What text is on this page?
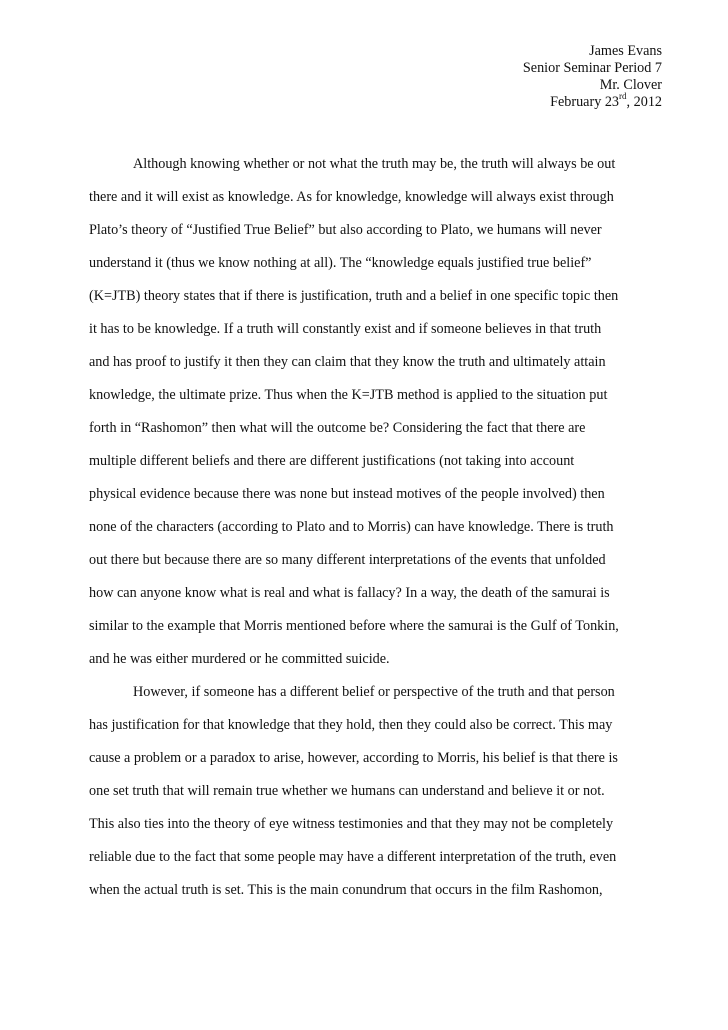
James Evans
Senior Seminar Period 7
Mr. Clover
February 23rd, 2012
Although knowing whether or not what the truth may be, the truth will always be out
there and it will exist as knowledge. As for knowledge, knowledge will always exist through
Plato’s theory of “Justified True Belief” but also according to Plato, we humans will never
understand it (thus we know nothing at all). The “knowledge equals justified true belief”
(K=JTB) theory states that if there is justification, truth and a belief in one specific topic then
it has to be knowledge. If a truth will constantly exist and if someone believes in that truth
and has proof to justify it then they can claim that they know the truth and ultimately attain
knowledge, the ultimate prize. Thus when the K=JTB method is applied to the situation put
forth in “Rashomon” then what will the outcome be? Considering the fact that there are
multiple different beliefs and there are different justifications (not taking into account
physical evidence because there was none but instead motives of the people involved) then
none of the characters (according to Plato and to Morris) can have knowledge. There is truth
out there but because there are so many different interpretations of the events that unfolded
how can anyone know what is real and what is fallacy? In a way, the death of the samurai is
similar to the example that Morris mentioned before where the samurai is the Gulf of Tonkin,
and he was either murdered or he committed suicide.
However, if someone has a different belief or perspective of the truth and that person
has justification for that knowledge that they hold, then they could also be correct. This may
cause a problem or a paradox to arise, however, according to Morris, his belief is that there is
one set truth that will remain true whether we humans can understand and believe it or not.
This also ties into the theory of eye witness testimonies and that they may not be completely
reliable due to the fact that some people may have a different interpretation of the truth, even
when the actual truth is set. This is the main conundrum that occurs in the film Rashomon,
